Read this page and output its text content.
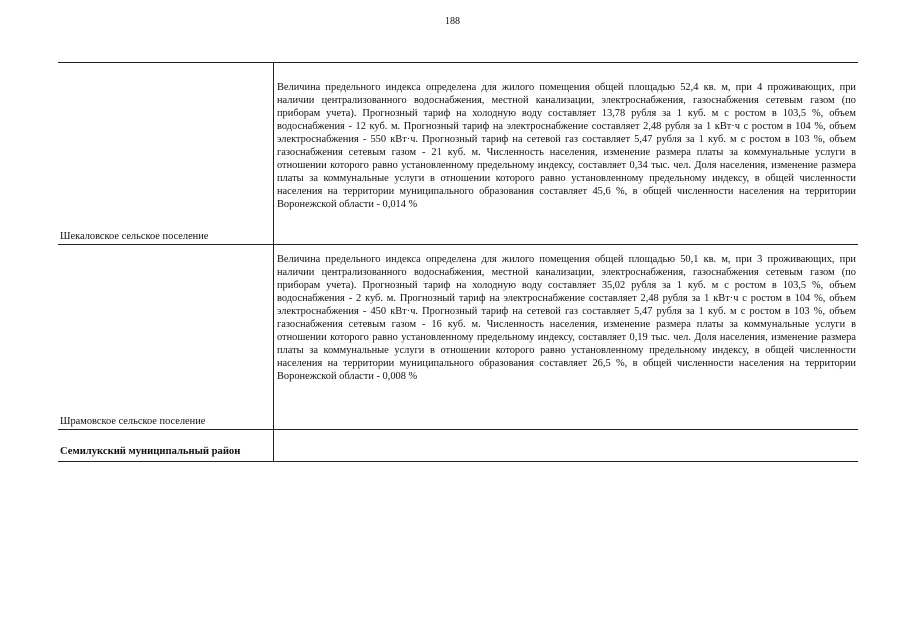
188
Шекаловское сельское поселение
Величина предельного индекса определена для жилого помещения общей площадью 52,4 кв. м, при 4 проживающих, при наличии централизованного водоснабжения, местной канализации, электроснабжения, газоснабжения сетевым газом (по приборам учета). Прогнозный тариф на холодную воду составляет 13,78 рубля за 1 куб. м с ростом в 103,5 %, объем водоснабжения - 12 куб. м. Прогнозный тариф на электроснабжение составляет 2,48 рубля за 1 кВт·ч с ростом в 104 %, объем электроснабжения - 550 кВт·ч. Прогнозный тариф на сетевой газ составляет 5,47 рубля за 1 куб. м с ростом в 103 %, объем газоснабжения сетевым газом - 21 куб. м. Численность населения, изменение размера платы за коммунальные услуги в отношении которого равно установленному предельному индексу, составляет 0,34 тыс. чел. Доля населения, изменение размера платы за коммунальные услуги в отношении которого равно установленному предельному индексу, в общей численности населения на территории муниципального образования составляет 45,6 %, в общей численности населения на территории Воронежской области - 0,014 %
Шрамовское сельское поселение
Величина предельного индекса определена для жилого помещения общей площадью 50,1 кв. м, при 3 проживающих, при наличии централизованного водоснабжения, местной канализации, электроснабжения, газоснабжения сетевым газом (по приборам учета). Прогнозный тариф на холодную воду составляет 35,02 рубля за 1 куб. м с ростом в 103,5 %, объем водоснабжения - 2 куб. м. Прогнозный тариф на электроснабжение составляет 2,48 рубля за 1 кВт·ч с ростом в 104 %, объем электроснабжения - 450 кВт·ч. Прогнозный тариф на сетевой газ составляет 5,47 рубля за 1 куб. м с ростом в 103 %, объем газоснабжения сетевым газом - 16 куб. м. Численность населения, изменение размера платы за коммунальные услуги в отношении которого равно установленному предельному индексу, составляет 0,19 тыс. чел. Доля населения, изменение размера платы за коммунальные услуги в отношении которого равно установленному предельному индексу, в общей численности населения на территории муниципального образования составляет 26,5 %, в общей численности населения на территории Воронежской области - 0,008 %
Семилукский муниципальный район
